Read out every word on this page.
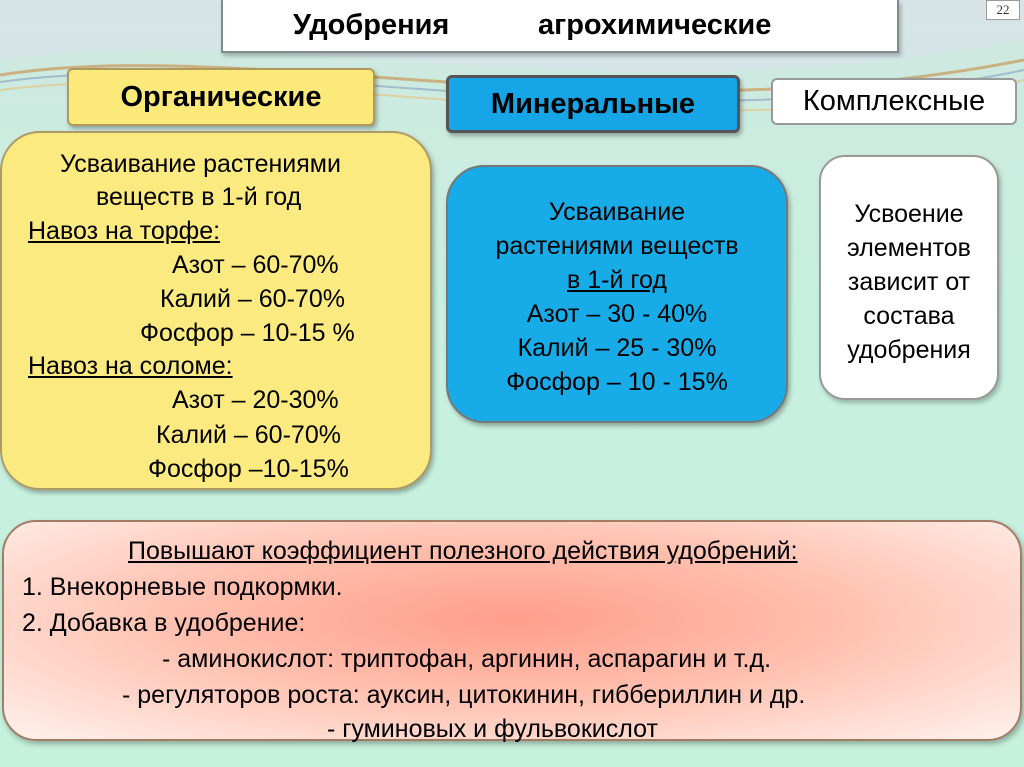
Удобрения	агрохимические	22
Органические	Минеральные	Комплексные
Усваивание растениями
веществ в 1-й год
Навоз на торфе:
Азот – 60-70%
Калий – 60-70%
Фосфор – 10-15 %
Навоз на соломе:
Азот – 20-30%
Калий – 60-70%
Фосфор –10-15%
Усваивание
растениями веществ
в 1-й год
Азот – 30 - 40%
Калий – 25 - 30%
Фосфор – 10 - 15%
Усвоение
элементов
зависит от
состава
удобрения
Повышают коэффициент полезного действия удобрений:
1. Внекорневые подкормки.
2. Добавка в удобрение:
- аминокислот: триптофан, аргинин, аспарагин и т.д.
- регуляторов роста: ауксин, цитокинин, гиббериллин и др.
- гуминовых и фульвокислот
